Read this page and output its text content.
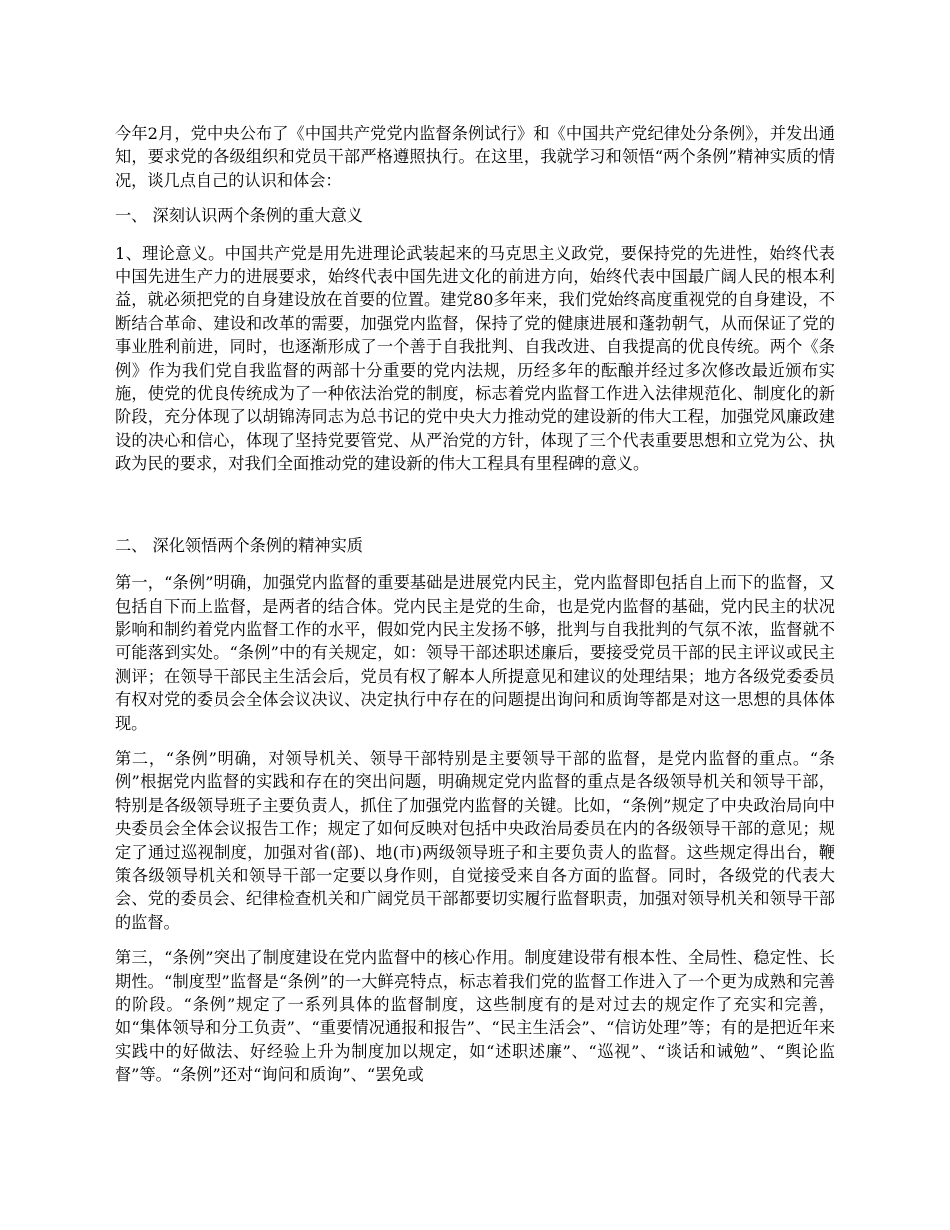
今年2月，党中央公布了《中国共产党党内监督条例试行》和《中国共产党纪律处分条例》，并发出通知，要求党的各级组织和党员干部严格遵照执行。在这里，我就学习和领悟“两个条例”精神实质的情况，谈几点自己的认识和体会：

一、 深刻认识两个条例的重大意义

1、理论意义。中国共产党是用先进理论武装起来的马克思主义政党，要保持党的先进性，始终代表中国先进生产力的进展要求，始终代表中国先进文化的前进方向，始终代表中国最广阔人民的根本利益，就必须把党的自身建设放在首要的位置。建党80多年来，我们党始终高度重视党的自身建设，不断结合革命、建设和改革的需要，加强党内监督，保持了党的健康进展和蓬勃朝气，从而保证了党的事业胜利前进，同时，也逐渐形成了一个善于自我批判、自我改进、自我提高的优良传统。两个《条例》作为我们党自我监督的两部十分重要的党内法规，历经多年的酝酿并经过多次修改最近颁布实施，使党的优良传统成为了一种依法治党的制度，标志着党内监督工作进入法律规范化、制度化的新阶段，充分体现了以胡锦涛同志为总书记的党中央大力推动党的建设新的伟大工程，加强党风廉政建设的决心和信心，体现了坚持党要管党、从严治党的方针，体现了三个代表重要思想和立党为公、执政为民的要求，对我们全面推动党的建设新的伟大工程具有里程碑的意义。

二、 深化领悟两个条例的精神实质

第一，“条例”明确，加强党内监督的重要基础是进展党内民主，党内监督即包括自上而下的监督，又包括自下而上监督，是两者的结合体。党内民主是党的生命，也是党内监督的基础，党内民主的状况影响和制约着党内监督工作的水平，假如党内民主发扬不够，批判与自我批判的气氛不浓，监督就不可能落到实处。“条例”中的有关规定，如：领导干部述职述廉后，要接受党员干部的民主评议或民主测评；在领导干部民主生活会后，党员有权了解本人所提意见和建议的处理结果；地方各级党委委员有权对党的委员会全体会议决议、决定执行中存在的问题提出询问和质询等都是对这一思想的具体体现。

第二，“条例”明确，对领导机关、领导干部特别是主要领导干部的监督，是党内监督的重点。“条例”根据党内监督的实践和存在的突出问题，明确规定党内监督的重点是各级领导机关和领导干部，特别是各级领导班子主要负责人，抓住了加强党内监督的关键。比如，“条例”规定了中央政治局向中央委员会全体会议报告工作；规定了如何反映对包括中央政治局委员在内的各级领导干部的意见；规定了通过巡视制度，加强对省(部)、地(市)两级领导班子和主要负责人的监督。这些规定得出台，鞭策各级领导机关和领导干部一定要以身作则，自觉接受来自各方面的监督。同时，各级党的代表大会、党的委员会、纪律检查机关和广阔党员干部都要切实履行监督职责，加强对领导机关和领导干部的监督。

第三，“条例”突出了制度建设在党内监督中的核心作用。制度建设带有根本性、全局性、稳定性、长期性。“制度型”监督是“条例”的一大鲜亮特点，标志着我们党的监督工作进入了一个更为成熟和完善的阶段。“条例”规定了一系列具体的监督制度，这些制度有的是对过去的规定作了充实和完善，如“集体领导和分工负责”、“重要情况通报和报告”、“民主生活会”、“信访处理”等；有的是把近年来实践中的好做法、好经验上升为制度加以规定，如“述职述廉”、“巡视”、“谈话和诫勉”、“舆论监督”等。“条例”还对“询问和质询”、“罢免或
